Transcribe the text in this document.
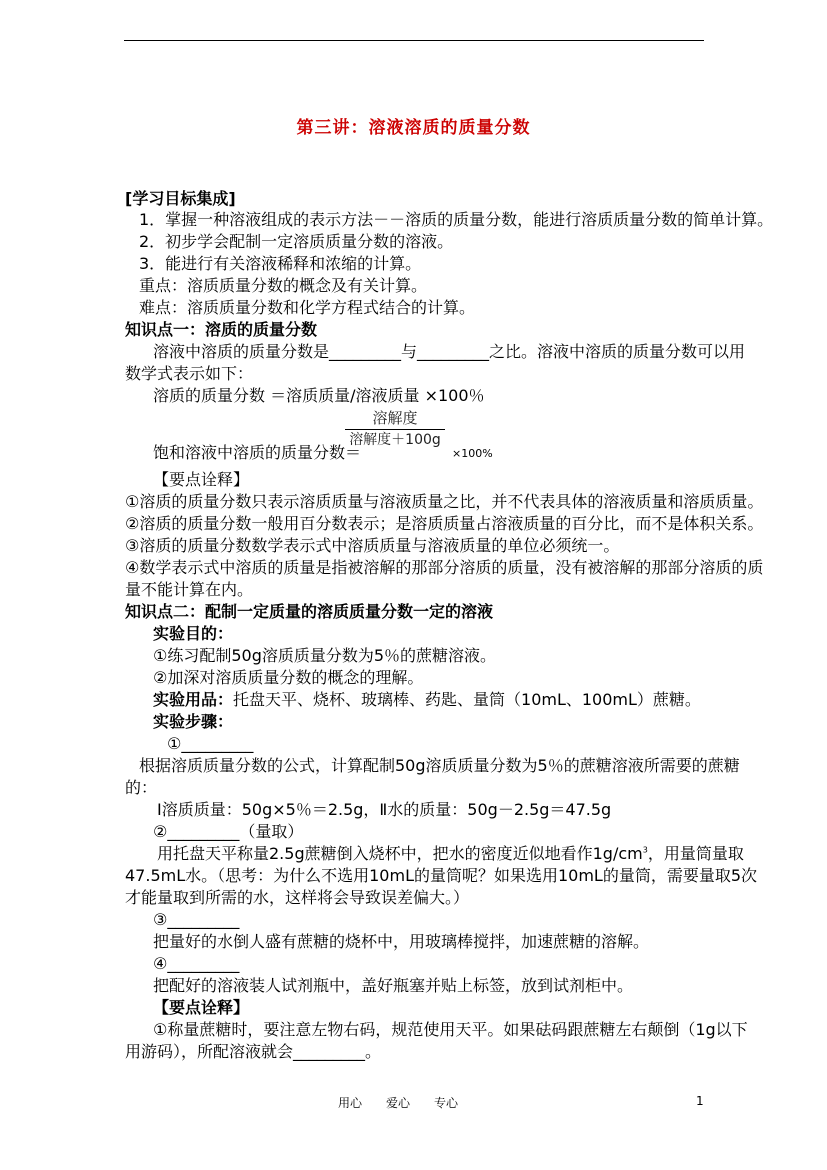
第三讲：溶液溶质的质量分数
[学习目标集成]
1．掌握一种溶液组成的表示方法－－溶质的质量分数，能进行溶质质量分数的简单计算。
2．初步学会配制一定溶质质量分数的溶液。
3．能进行有关溶液稀释和浓缩的计算。
重点：溶质质量分数的概念及有关计算。
难点：溶质质量分数和化学方程式结合的计算。
知识点一：溶质的质量分数
溶液中溶质的质量分数是_________与_________之比。溶液中溶质的质量分数可以用
数学式表示如下：
溶质的质量分数 ＝溶质质量/溶液质量 ×100％
饱和溶液中溶质的质量分数＝
溶解度
溶解度＋100g
×100%
【要点诠释】
①溶质的质量分数只表示溶质质量与溶液质量之比，并不代表具体的溶液质量和溶质质量。
②溶质的质量分数一般用百分数表示；是溶质质量占溶液质量的百分比，而不是体积关系。
③溶质的质量分数数学表示式中溶质质量与溶液质量的单位必须统一。
④数学表示式中溶质的质量是指被溶解的那部分溶质的质量，没有被溶解的那部分溶质的质
量不能计算在内。
知识点二：配制一定质量的溶质质量分数一定的溶液
实验目的：
①练习配制50g溶质质量分数为5％的蔗糖溶液。
②加深对溶质质量分数的概念的理解。
实验用品：托盘天平、烧杯、玻璃棒、药匙、量筒（10mL、100mL）蔗糖。
实验步骤：
①_________
根据溶质质量分数的公式，计算配制50g溶质质量分数为5％的蔗糖溶液所需要的蔗糖
的：
Ⅰ溶质质量：50g×5％＝2.5g，Ⅱ水的质量：50g－2.5g＝47.5g
②_________（量取）
用托盘天平称量2.5g蔗糖倒入烧杯中，把水的密度近似地看作$1g/cm^3$，用量筒量取
47.5mL水。（思考：为什么不选用10mL的量筒呢？如果选用10mL的量筒，需要量取5次
才能量取到所需的水，这样将会导致误差偏大。）
③_________
把量好的水倒人盛有蔗糖的烧杯中，用玻璃棒搅拌，加速蔗糖的溶解。
④_________
把配好的溶液装人试剂瓶中，盖好瓶塞并贴上标签，放到试剂柜中。
【要点诠释】
①称量蔗糖时，要注意左物右码，规范使用天平。如果砝码跟蔗糖左右颠倒（1g以下
用游码），所配溶液就会_________。
用心　　爱心　　专心	1
